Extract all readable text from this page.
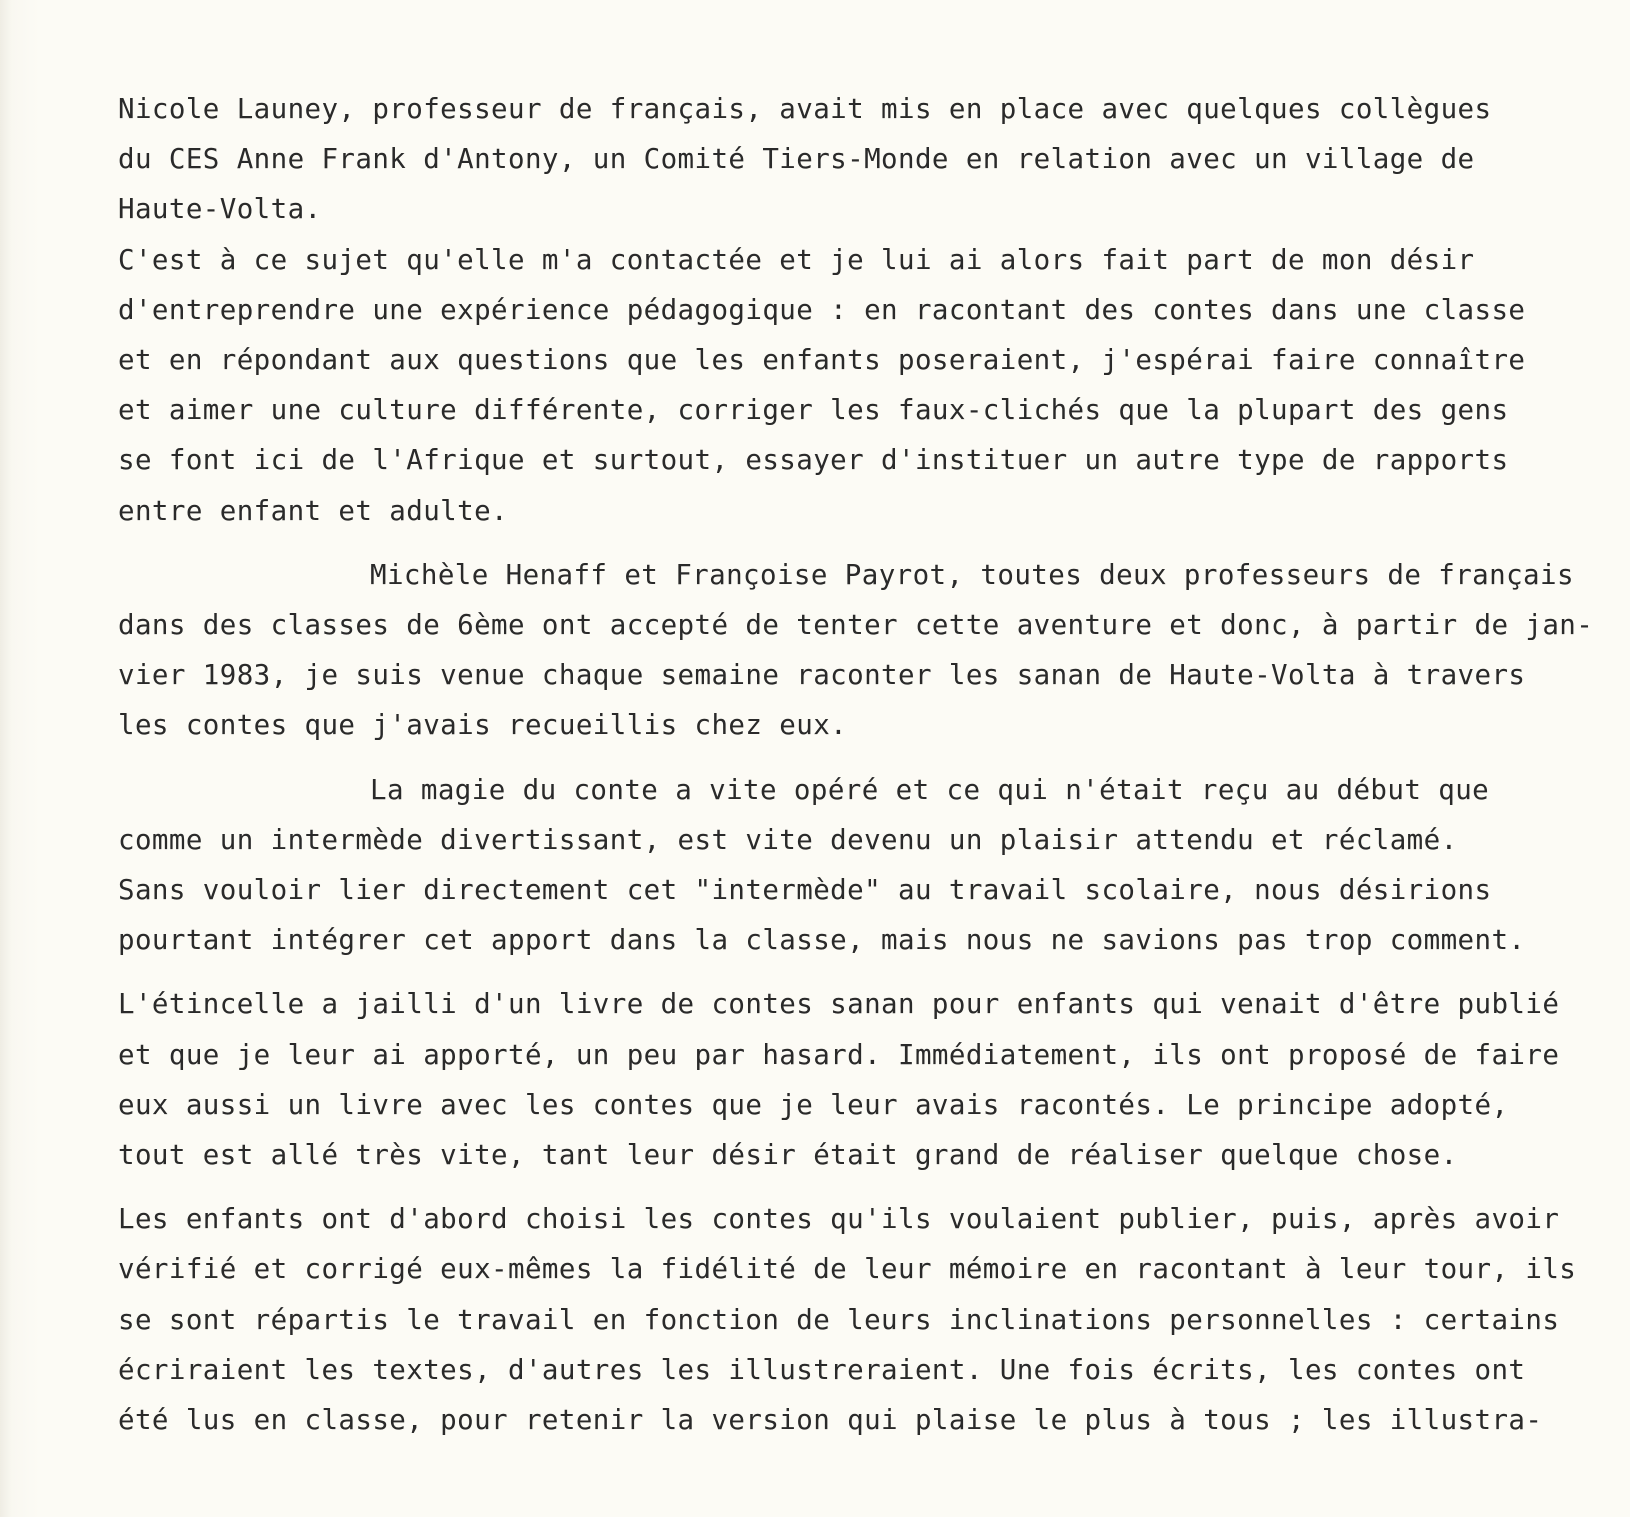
Nicole Launey, professeur de français, avait mis en place avec quelques collègues
du CES Anne Frank d'Antony, un Comité Tiers-Monde en relation avec un village de
Haute-Volta.
C'est à ce sujet qu'elle m'a contactée et je lui ai alors fait part de mon désir
d'entreprendre une expérience pédagogique : en racontant des contes dans une classe
et en répondant aux questions que les enfants poseraient, j'espérai faire connaître
et aimer une culture différente, corriger les faux-clichés que la plupart des gens
se font ici de l'Afrique et surtout, essayer d'instituer un autre type de rapports
entre enfant et adulte.
Michèle Henaff et Françoise Payrot, toutes deux professeurs de français
dans des classes de 6ème ont accepté de tenter cette aventure et donc, à partir de jan-
vier 1983, je suis venue chaque semaine raconter les sanan de Haute-Volta à travers
les contes que j'avais recueillis chez eux.
La magie du conte a vite opéré et ce qui n'était reçu au début que
comme un intermède divertissant, est vite devenu un plaisir attendu et réclamé.
Sans vouloir lier directement cet "intermède" au travail scolaire, nous désirions
pourtant intégrer cet apport dans la classe, mais nous ne savions pas trop comment.
L'étincelle a jailli d'un livre de contes sanan pour enfants qui venait d'être publié
et que je leur ai apporté, un peu par hasard. Immédiatement, ils ont proposé de faire
eux aussi un livre avec les contes que je leur avais racontés. Le principe adopté,
tout est allé très vite, tant leur désir était grand de réaliser quelque chose.
Les enfants ont d'abord choisi les contes qu'ils voulaient publier, puis, après avoir
vérifié et corrigé eux-mêmes la fidélité de leur mémoire en racontant à leur tour, ils
se sont répartis le travail en fonction de leurs inclinations personnelles : certains
écriraient les textes, d'autres les illustreraient. Une fois écrits, les contes ont
été lus en classe, pour retenir la version qui plaise le plus à tous ; les illustra-
